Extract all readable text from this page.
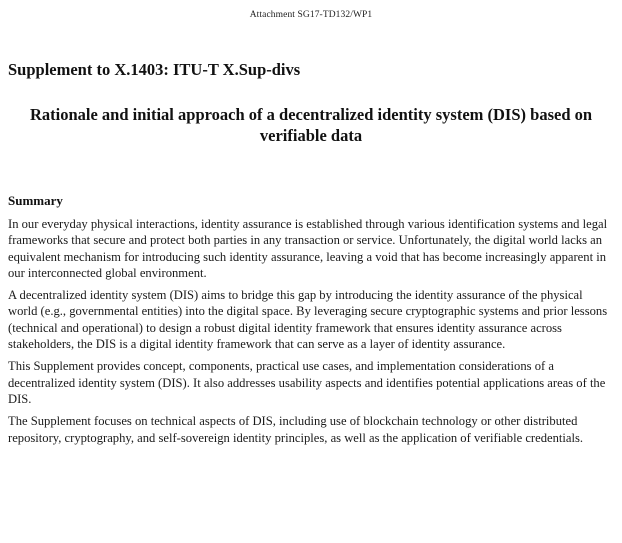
Attachment SG17-TD132/WP1
Supplement to X.1403: ITU-T X.Sup-divs
Rationale and initial approach of a decentralized identity system (DIS) based on verifiable data
Summary

In our everyday physical interactions, identity assurance is established through various identification systems and legal frameworks that secure and protect both parties in any transaction or service. Unfortunately, the digital world lacks an equivalent mechanism for introducing such identity assurance, leaving a void that has become increasingly apparent in our interconnected global environment.

A decentralized identity system (DIS) aims to bridge this gap by introducing the identity assurance of the physical world (e.g., governmental entities) into the digital space. By leveraging secure cryptographic systems and prior lessons (technical and operational) to design a robust digital identity framework that ensures identity assurance across stakeholders, the DIS is a digital identity framework that can serve as a layer of identity assurance.

This Supplement provides concept, components, practical use cases, and implementation considerations of a decentralized identity system (DIS). It also addresses usability aspects and identifies potential applications areas of the DIS.

The Supplement focuses on technical aspects of DIS, including use of blockchain technology or other distributed repository, cryptography, and self-sovereign identity principles, as well as the application of verifiable credentials.
